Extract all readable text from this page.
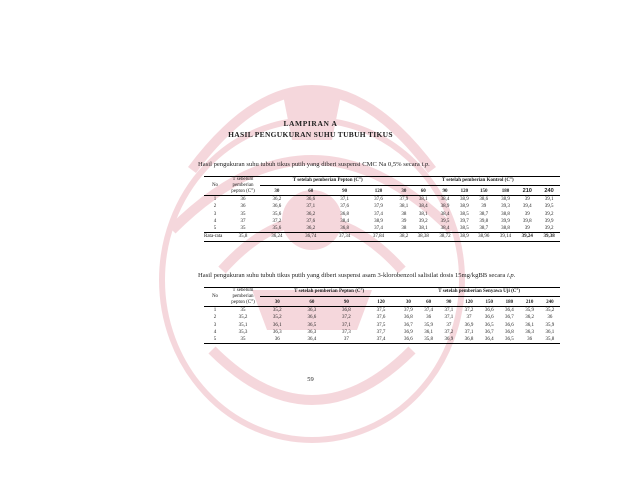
LAMPIRAN A
HASIL PENGUKURAN SUHU TUBUH TIKUS
Hasil pengukuran suhu tubuh tikus putih yang diberi suspensi CMC Na 0,5% secara i.p.
No	T sebelum pemberian pepton (C°)	T setelah pemberian Pepton (C°)				T setelah pemberian Kontrol (C°)							

		30	60	90	120	30	60	90	120	150	180	210	240
1	36	36,2	36,6	37,1	37,6	37,9	38,1	38,4	38,9	38,6	38,9	39	39,1
2	36	36,6	37,1	37,6	37,9	38,1	38,4	38,9	38,9	39	39,3	39,4	39,5
3	35	35,6	36,2	36,8	37,4	38	38,1	38,4	38,5	38,7	38,8	39	39,2
4	37	37,2	37,6	38,4	38,9	39	39,2	39,5	39,7	39,8	39,9	39,8	39,9
5	35	35,6	36,2	36,8	37,4	38	38,1	38,4	38,5	38,7	38,8	39	39,2
Rata-rata	35,8	36,24	36,74	37,34	37,84	38,2	38,38	38,72	38,9	38,96	39,14	39,24	39,38
Hasil pengukuran suhu tubuh tikus putih yang diberi suspensi asam 3-klorobenzoil salisilat dosis 15mg/kgBB secara i.p.
No	T sebelum pemberian pepton (C°)	T setelah pemberian Pepton (C°)				T setelah pemberian Senyawa Uji (C°)							

		30	60	90	120	30	60	90	120	150	180	210	240
1	35	35,2	36,3	36,8	37,5	37,9	37,4	37,1	37,2	36,6	36,4	35,9	35,2
2	35,2	35,2	36,6	37,2	37,6	36,8	36	37,1	37	36,6	36,7	36,2	36
3	35,1	36,1	36,5	37,1	37,5	36,7	35,9	37	36,9	36,5	36,6	36,1	35,9
4	35,3	36,3	36,3	37,3	37,7	36,9	36,1	37,2	37,1	36,7	36,8	36,3	36,1
5	35	36	36,4	37	37,4	36,6	35,8	36,9	36,8	36,4	36,5	36	35,8
59
